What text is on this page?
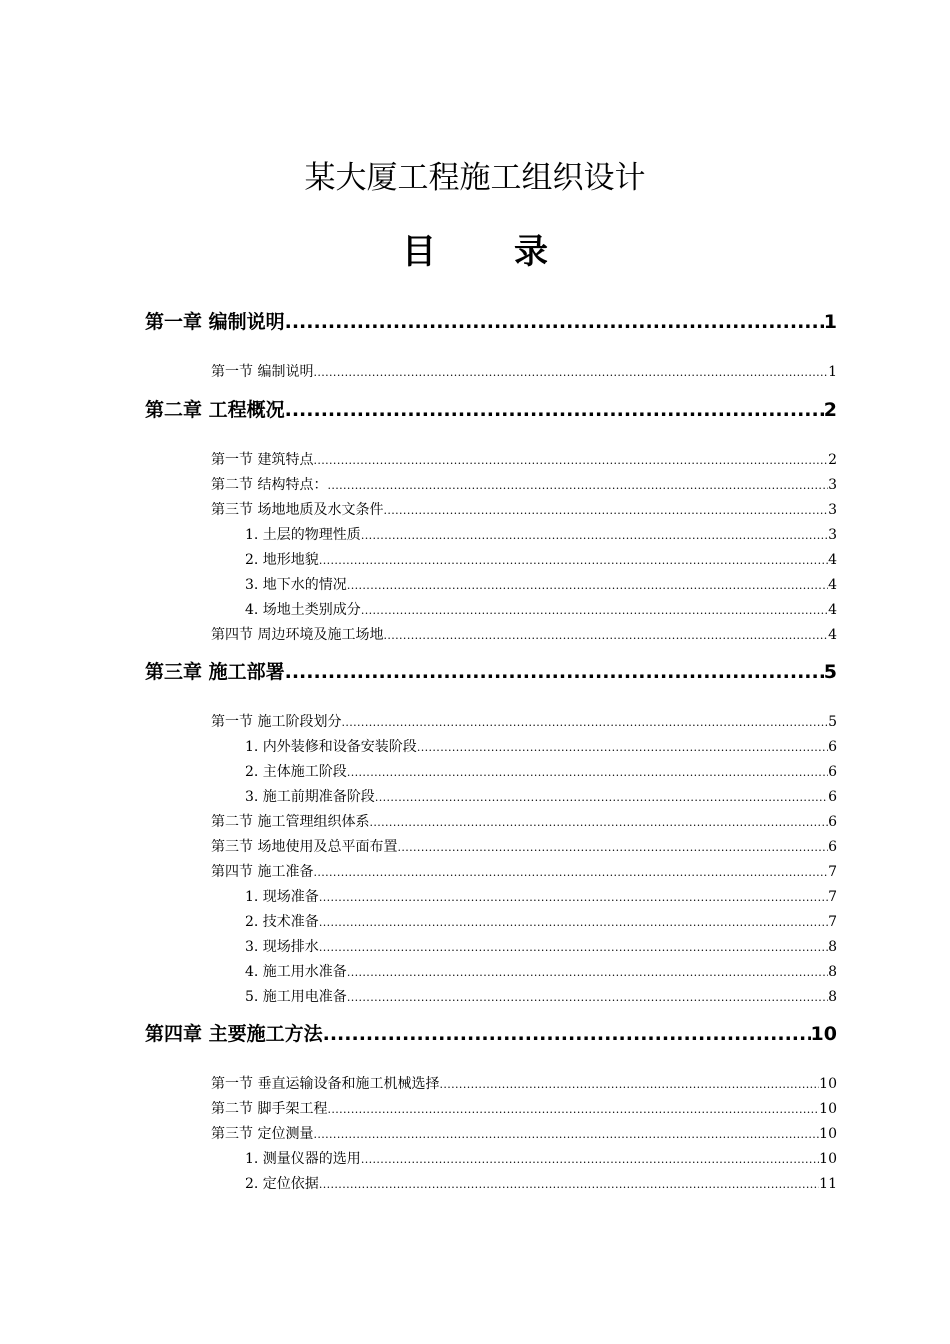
某大厦工程施工组织设计
目 录
第一章 编制说明 .....	1
第一节 编制说明 .....	1
第二章 工程概况 .....	2
第一节 建筑特点 .....	2
第二节 结构特点： .....	3
第三节 场地地质及水文条件 .....	3
1. 土层的物理性质 .....	3
2. 地形地貌 .....	4
3. 地下水的情况 .....	4
4. 场地土类别成分 .....	4
第四节 周边环境及施工场地 .....	4
第三章 施工部署 .....	5
第一节 施工阶段划分 .....	5
1. 内外装修和设备安装阶段 .....	6
2. 主体施工阶段 .....	6
3. 施工前期准备阶段 .....	6
第二节 施工管理组织体系 .....	6
第三节 场地使用及总平面布置 .....	6
第四节 施工准备 .....	7
1. 现场准备 .....	7
2. 技术准备 .....	7
3. 现场排水 .....	8
4. 施工用水准备 .....	8
5. 施工用电准备 .....	8
第四章 主要施工方法 .....	10
第一节 垂直运输设备和施工机械选择 .....	10
第二节 脚手架工程 .....	10
第三节 定位测量 .....	10
1. 测量仪器的选用 .....	10
2. 定位依据 .....	11
